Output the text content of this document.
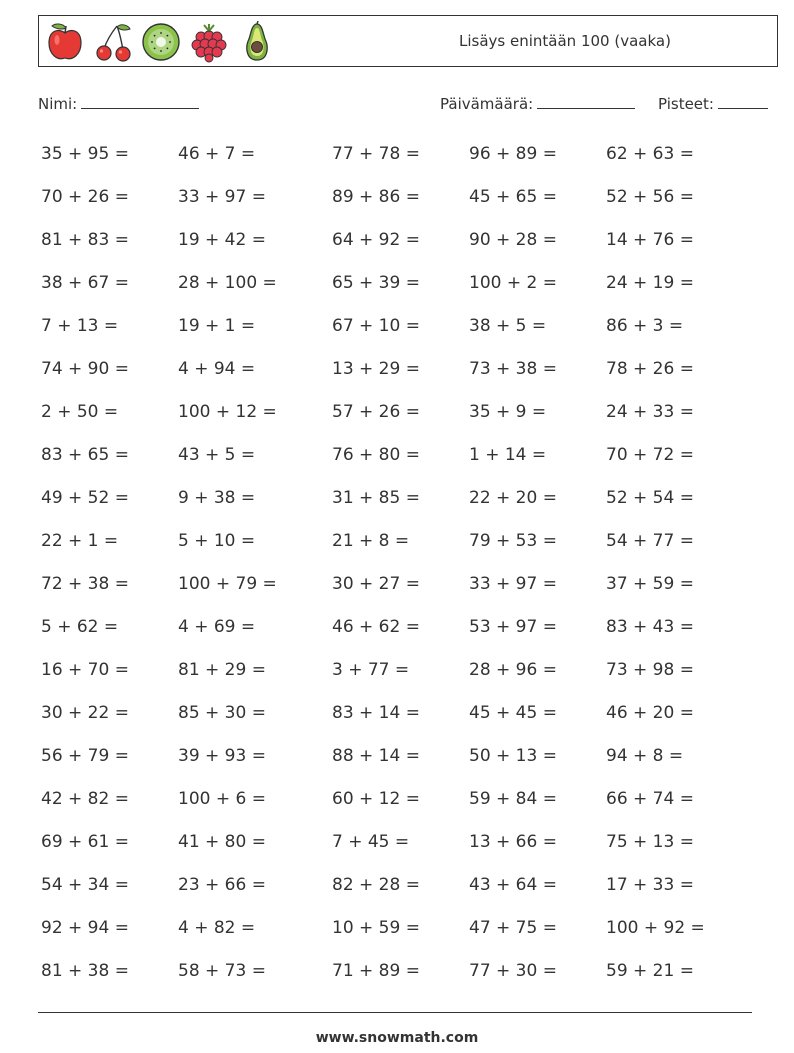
Lisäys enintään 100 (vaaka)
Nimi:	Päivämäärä:	Pisteet:
35 + 95 =	46 + 7 =	77 + 78 =	96 + 89 =	62 + 63 =
70 + 26 =	33 + 97 =	89 + 86 =	45 + 65 =	52 + 56 =
81 + 83 =	19 + 42 =	64 + 92 =	90 + 28 =	14 + 76 =
38 + 67 =	28 + 100 =	65 + 39 =	100 + 2 =	24 + 19 =
7 + 13 =	19 + 1 =	67 + 10 =	38 + 5 =	86 + 3 =
74 + 90 =	4 + 94 =	13 + 29 =	73 + 38 =	78 + 26 =
2 + 50 =	100 + 12 =	57 + 26 =	35 + 9 =	24 + 33 =
83 + 65 =	43 + 5 =	76 + 80 =	1 + 14 =	70 + 72 =
49 + 52 =	9 + 38 =	31 + 85 =	22 + 20 =	52 + 54 =
22 + 1 =	5 + 10 =	21 + 8 =	79 + 53 =	54 + 77 =
72 + 38 =	100 + 79 =	30 + 27 =	33 + 97 =	37 + 59 =
5 + 62 =	4 + 69 =	46 + 62 =	53 + 97 =	83 + 43 =
16 + 70 =	81 + 29 =	3 + 77 =	28 + 96 =	73 + 98 =
30 + 22 =	85 + 30 =	83 + 14 =	45 + 45 =	46 + 20 =
56 + 79 =	39 + 93 =	88 + 14 =	50 + 13 =	94 + 8 =
42 + 82 =	100 + 6 =	60 + 12 =	59 + 84 =	66 + 74 =
69 + 61 =	41 + 80 =	7 + 45 =	13 + 66 =	75 + 13 =
54 + 34 =	23 + 66 =	82 + 28 =	43 + 64 =	17 + 33 =
92 + 94 =	4 + 82 =	10 + 59 =	47 + 75 =	100 + 92 =
81 + 38 =	58 + 73 =	71 + 89 =	77 + 30 =	59 + 21 =
www.snowmath.com
